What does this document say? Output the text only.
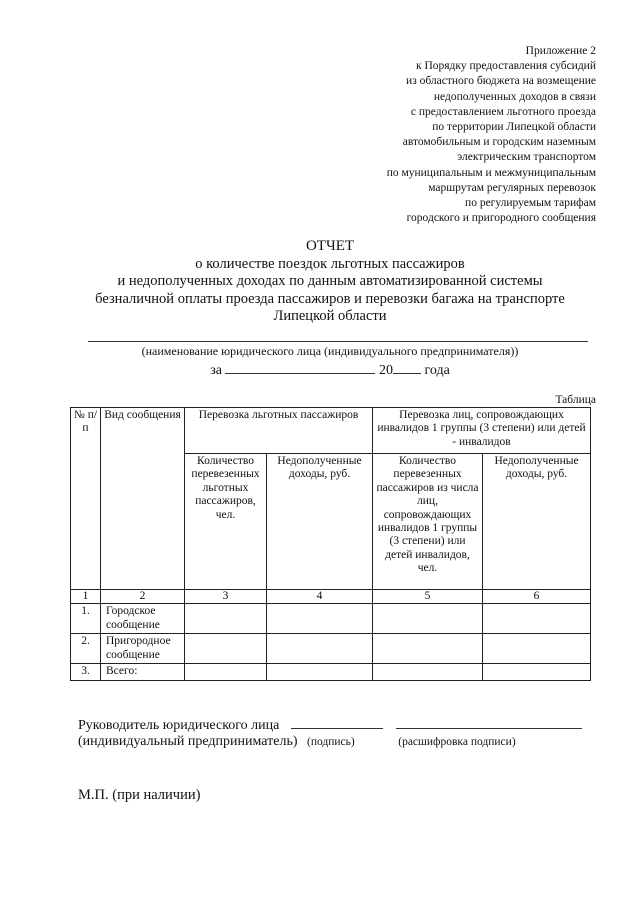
Приложение 2
к Порядку предоставления субсидий
из областного бюджета на возмещение
недополученных доходов в связи
с предоставлением льготного проезда
по территории Липецкой области
автомобильным и городским наземным
электрическим транспортом
по муниципальным и межмуниципальным
маршрутам регулярных перевозок
по регулируемым тарифам
городского и пригородного сообщения
ОТЧЕТ
о количестве поездок льготных пассажиров
и недополученных доходах по данным автоматизированной системы
безналичной оплаты проезда пассажиров и перевозки багажа на транспорте
Липецкой области
(наименование юридического лица (индивидуального предпринимателя))
за	20 года
Таблица
№ п/п	Вид сообщения	Перевозка льготных пассажиров		Перевозка лиц, сопровождающих инвалидов 1 группы (3 степени) или детей - инвалидов	
		Количество перевезенных льготных пассажиров, чел.	Недополученные доходы, руб.	Количество перевезенных пассажиров из числа лиц, сопровождающих инвалидов 1 группы (3 степени) или детей инвалидов, чел.	Недополученные доходы, руб.
1	2	3	4	5	6
1.	Городское сообщение				
2.	Пригородное сообщение				
3.	Всего:				
Руководитель юридического лица
(индивидуальный предприниматель) (подпись)	(расшифровка подписи)
М.П. (при наличии)
